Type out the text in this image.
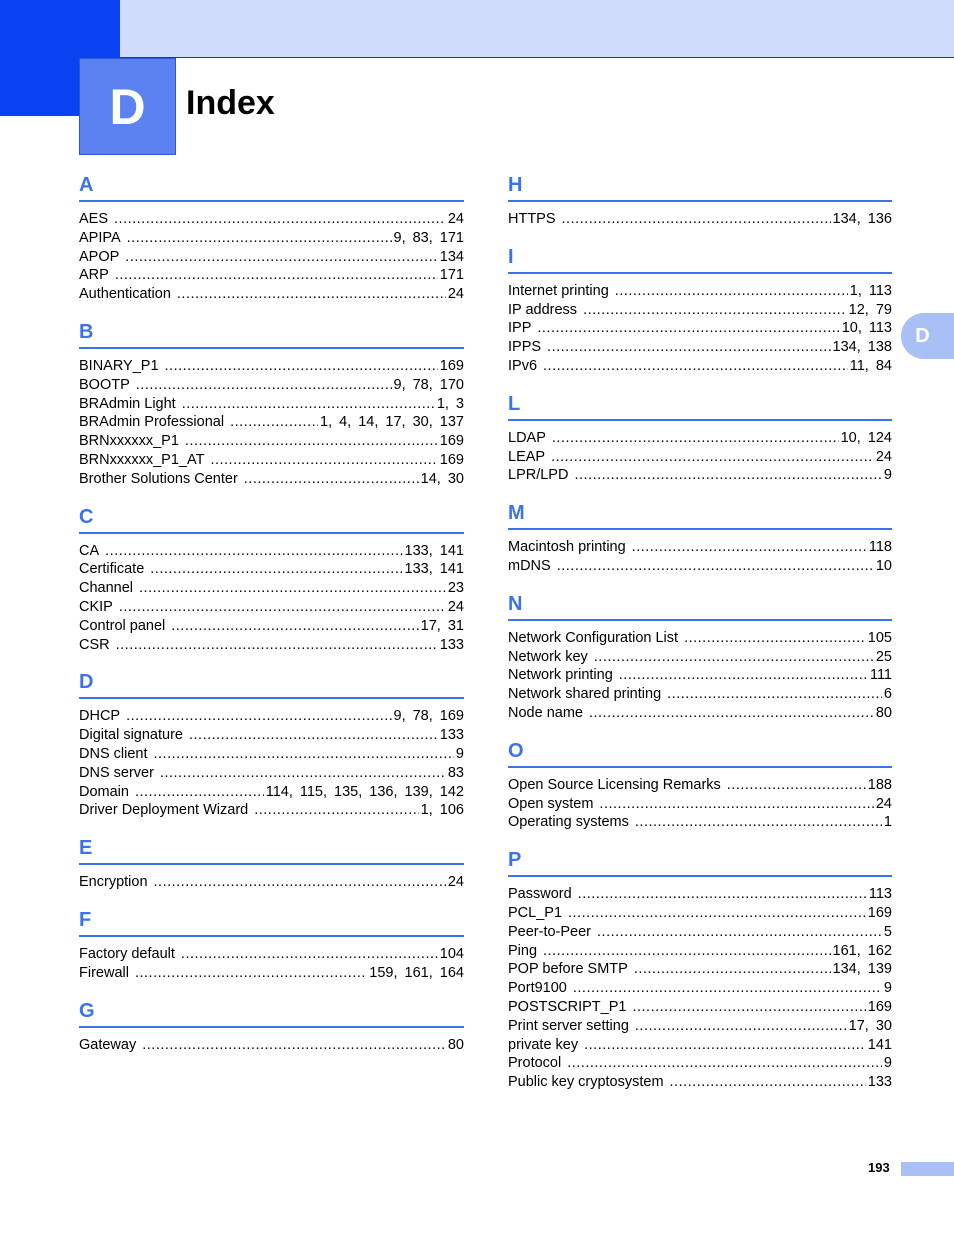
D Index
A
AES .....	24
APIPA .....	9, 83, 171
APOP .....	134
ARP .....	171
Authentication .....	24
B
BINARY_P1 .....	169
BOOTP .....	9, 78, 170
BRAdmin Light .....	1, 3
BRAdmin Professional .....	1, 4, 14, 17, 30, 137
BRNxxxxxx_P1 .....	169
BRNxxxxxx_P1_AT .....	169
Brother Solutions Center .....	14, 30
C
CA .....	133, 141
Certificate .....	133, 141
Channel .....	23
CKIP .....	24
Control panel .....	17, 31
CSR .....	133
D
DHCP .....	9, 78, 169
Digital signature .....	133
DNS client .....	9
DNS server .....	83
Domain .....	114, 115, 135, 136, 139, 142
Driver Deployment Wizard .....	1, 106
E
Encryption .....	24
F
Factory default .....	104
Firewall .....	159, 161, 164
G
Gateway .....	80
H
HTTPS .....	134, 136
I
Internet printing .....	1, 113
IP address .....	12, 79
IPP .....	10, 113
IPPS .....	134, 138
IPv6 .....	11, 84
L
LDAP .....	10, 124
LEAP .....	24
LPR/LPD .....	9
M
Macintosh printing .....	118
mDNS .....	10
N
Network Configuration List .....	105
Network key .....	25
Network printing .....	111
Network shared printing .....	6
Node name .....	80
O
Open Source Licensing Remarks .....	188
Open system .....	24
Operating systems .....	1
P
Password .....	113
PCL_P1 .....	169
Peer-to-Peer .....	5
Ping .....	161, 162
POP before SMTP .....	134, 139
Port9100 .....	9
POSTSCRIPT_P1 .....	169
Print server setting .....	17, 30
private key .....	141
Protocol .....	9
Public key cryptosystem .....	133
D
193
